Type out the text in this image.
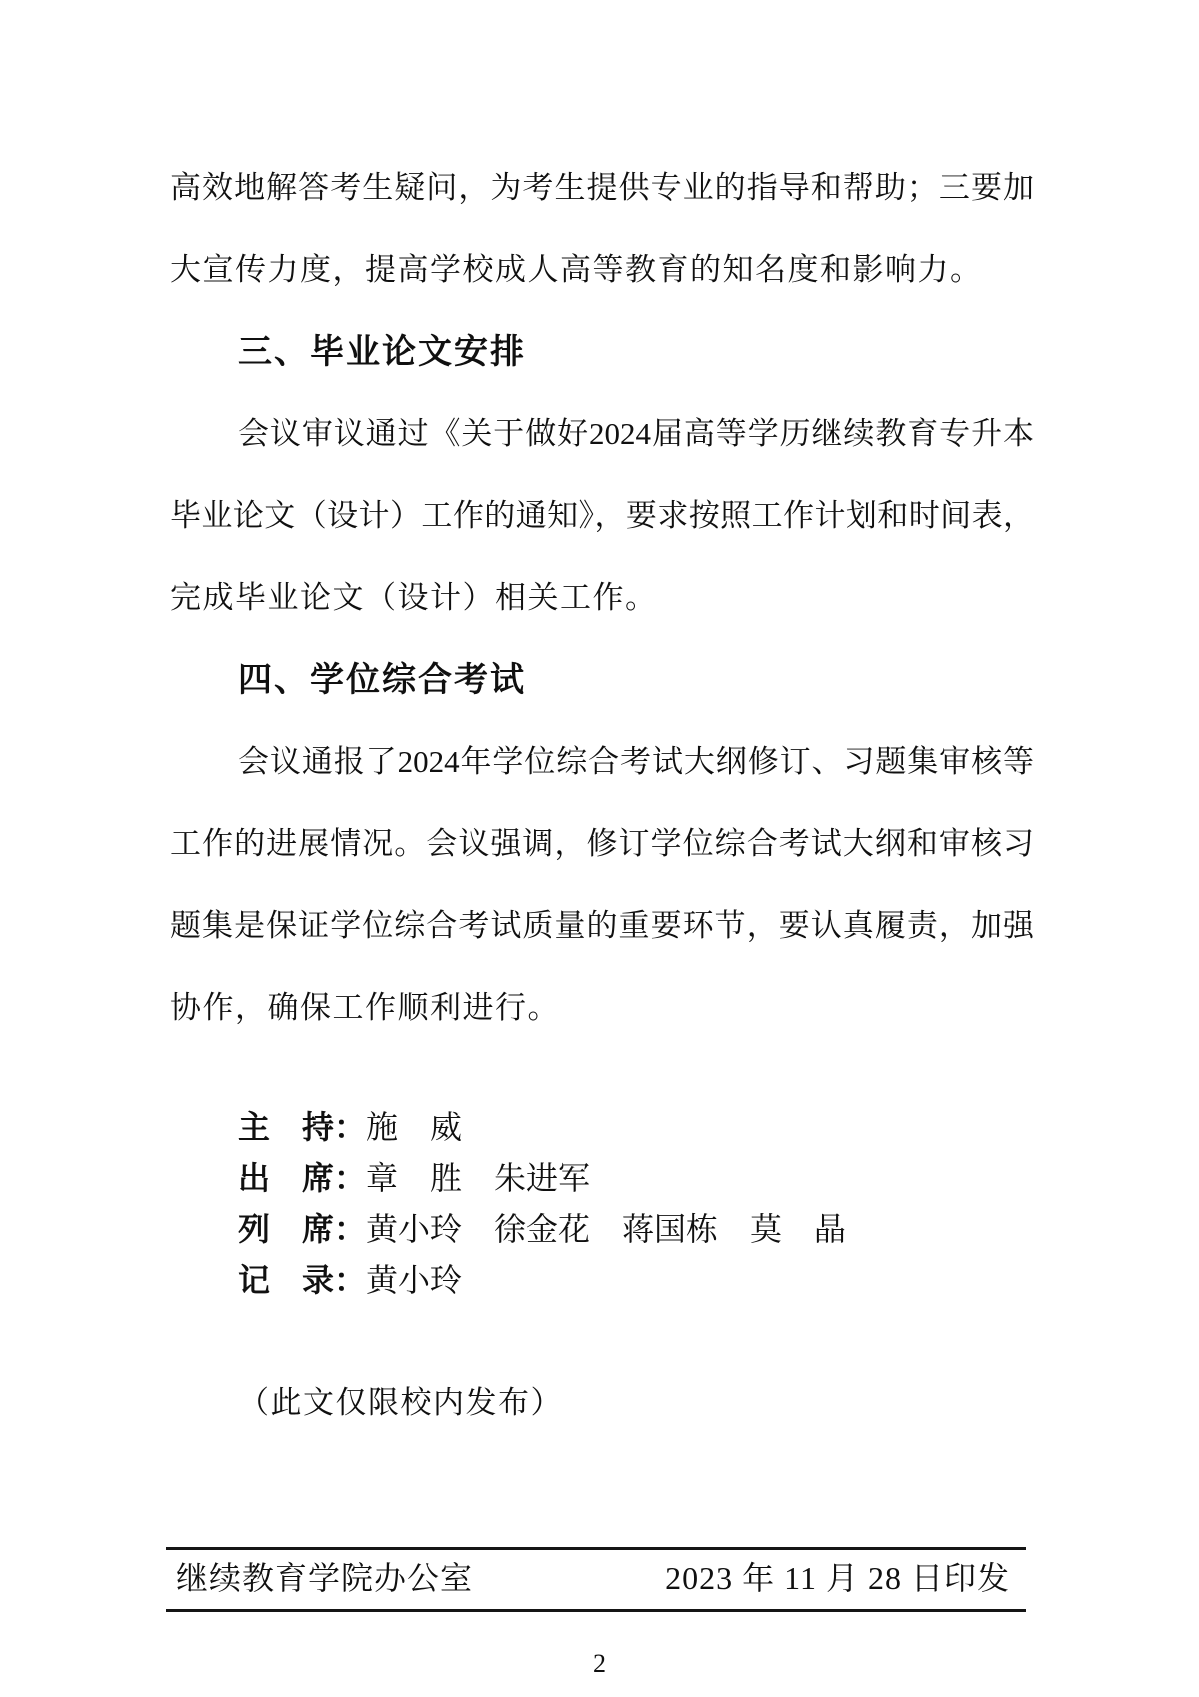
高效地解答考生疑问，为考生提供专业的指导和帮助；三要加
大宣传力度，提高学校成人高等教育的知名度和影响力。
三、毕业论文安排
会议审议通过《关于做好2024届高等学历继续教育专升本
毕业论文（设计）工作的通知》，要求按照工作计划和时间表，
完成毕业论文（设计）相关工作。
四、学位综合考试
会议通报了2024年学位综合考试大纲修订、习题集审核等
工作的进展情况。会议强调，修订学位综合考试大纲和审核习
题集是保证学位综合考试质量的重要环节，要认真履责，加强
协作，确保工作顺利进行。
主　持：施　威
出　席：章　胜　朱进军
列　席：黄小玲　徐金花　蒋国栋　莫　晶
记　录：黄小玲
（此文仅限校内发布）
继续教育学院办公室	2023 年 11 月 28 日印发
2
